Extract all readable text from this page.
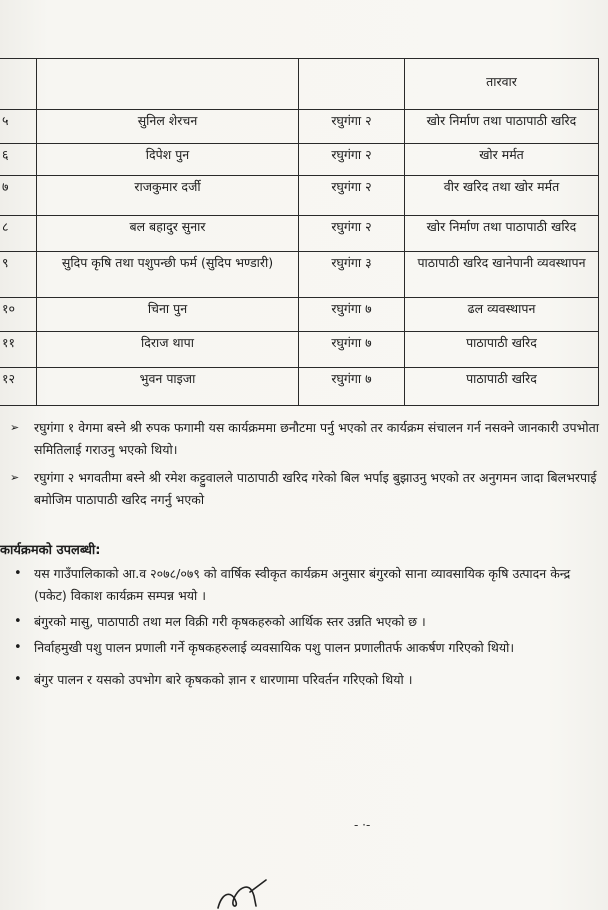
			तारवार
५	सुनिल शेरचन	रघुगंगा २	खोर निर्माण तथा पाठापाठी खरिद
६	दिपेश पुन	रघुगंगा २	खोर मर्मत
७	राजकुमार दर्जी	रघुगंगा २	वीर खरिद तथा खोर मर्मत
८	बल बहादुर सुनार	रघुगंगा २	खोर निर्माण तथा पाठापाठी खरिद
९	सुदिप कृषि तथा पशुपन्छी फर्म (सुदिप भण्डारी)	रघुगंगा ३	पाठापाठी खरिद खानेपानी व्यवस्थापन
१०	चिना पुन	रघुगंगा ७	ढल व्यवस्थापन
११	दिराज थापा	रघुगंगा ७	पाठापाठी खरिद
१२	भुवन पाइजा	रघुगंगा ७	पाठापाठी खरिद
➢ रघुगंगा १ वेगमा बस्ने श्री रुपक फगामी यस कार्यक्रममा छनौटमा पर्नु भएको तर कार्यक्रम संचालन गर्न नसक्ने जानकारी उपभोता समितिलाई गराउनु भएको थियो।
➢ रघुगंगा २ भगवतीमा बस्ने श्री रमेश कट्टुवालले पाठापाठी खरिद गरेको बिल भर्पाइ बुझाउनु भएको तर अनुगमन जादा बिलभरपाई बमोजिम पाठापाठी खरिद नगर्नु भएको
कार्यक्रमको उपलब्धी:
• यस गाउँपालिकाको आ.व २०७८/०७९ को वार्षिक स्वीकृत कार्यक्रम अनुसार बंगुरको साना व्यावसायिक कृषि उत्पादन केन्द्र (पकेट) विकाश कार्यक्रम सम्पन्न भयो ।
• बंगुरको मासु, पाठापाठी तथा मल विक्री गरी कृषकहरुको आर्थिक स्तर उन्नति भएको छ ।
• निर्वाहमुखी पशु पालन प्रणाली गर्ने कृषकहरुलाई व्यवसायिक पशु पालन प्रणालीतर्फ आकर्षण गरिएको थियो।
• बंगुर पालन र यसको उपभोग बारे कृषकको ज्ञान र धारणामा परिवर्तन गरिएको थियो ।
- ·-
